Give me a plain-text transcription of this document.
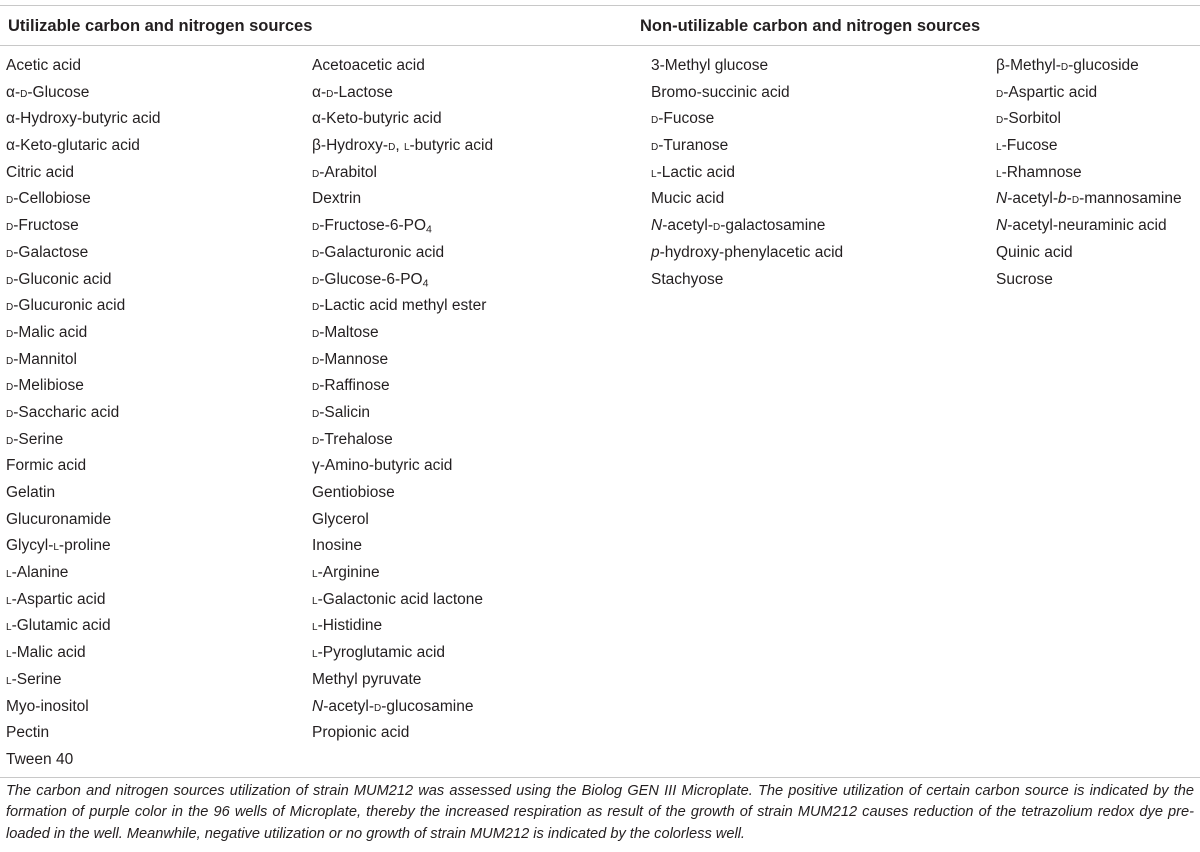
Utilizable carbon and nitrogen sources	Non-utilizable carbon and nitrogen sources
Acetic acid
α-d-Glucose
α-Hydroxy-butyric acid
α-Keto-glutaric acid
Citric acid
d-Cellobiose
d-Fructose
d-Galactose
d-Gluconic acid
d-Glucuronic acid
d-Malic acid
d-Mannitol
d-Melibiose
d-Saccharic acid
d-Serine
Formic acid
Gelatin
Glucuronamide
Glycyl-l-proline
l-Alanine
l-Aspartic acid
l-Glutamic acid
l-Malic acid
l-Serine
Myo-inositol
Pectin
Tween 40
Acetoacetic acid
α-d-Lactose
α-Keto-butyric acid
β-Hydroxy-d, l-butyric acid
d-Arabitol
Dextrin
$d-Fructose-6-PO_4$
d-Galacturonic acid
$d-Glucose-6-PO_4$
d-Lactic acid methyl ester
d-Maltose
d-Mannose
d-Raffinose
d-Salicin
d-Trehalose
γ-Amino-butyric acid
Gentiobiose
Glycerol
Inosine
l-Arginine
l-Galactonic acid lactone
l-Histidine
l-Pyroglutamic acid
Methyl pyruvate
N-acetyl-d-glucosamine
Propionic acid
3-Methyl glucose
Bromo-succinic acid
d-Fucose
d-Turanose
l-Lactic acid
Mucic acid
N-acetyl-d-galactosamine
p-hydroxy-phenylacetic acid
Stachyose
β-Methyl-d-glucoside
d-Aspartic acid
d-Sorbitol
l-Fucose
l-Rhamnose
N-acetyl-b-d-mannosamine
N-acetyl-neuraminic acid
Quinic acid
Sucrose

The carbon and nitrogen sources utilization of strain MUM212 was assessed using the Biolog GEN III Microplate. The positive utilization of certain carbon source is indicated by the formation of purple color in the 96 wells of Microplate, thereby the increased respiration as result of the growth of strain MUM212 causes reduction of the tetrazolium redox dye pre-loaded in the well. Meanwhile, negative utilization or no growth of strain MUM212 is indicated by the colorless well.
